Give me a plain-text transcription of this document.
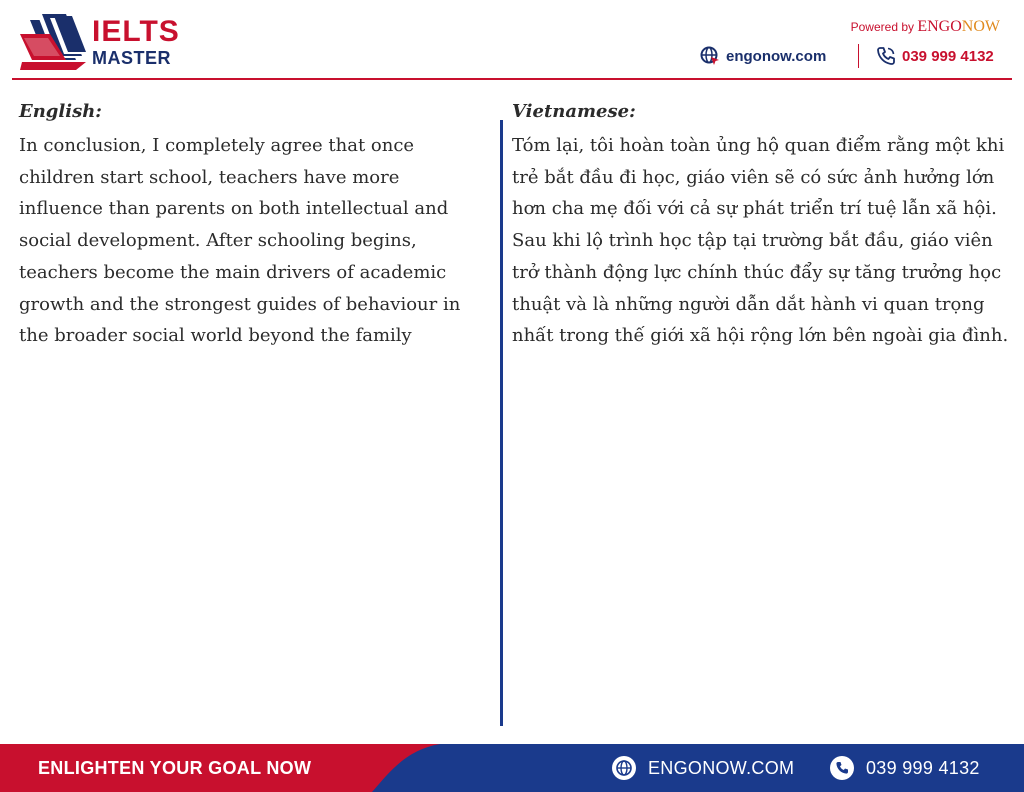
IELTS
MASTER
Powered by ENGONOW
engonow.com	039 999 4132
English:

In conclusion, I completely agree that once children start school, teachers have more influence than parents on both intellectual and social development. After schooling begins, teachers become the main drivers of academic growth and the strongest guides of behaviour in the broader social world beyond the family

Vietnamese:

Tóm lại, tôi hoàn toàn ủng hộ quan điểm rằng một khi trẻ bắt đầu đi học, giáo viên sẽ có sức ảnh hưởng lớn hơn cha mẹ đối với cả sự phát triển trí tuệ lẫn xã hội. Sau khi lộ trình học tập tại trường bắt đầu, giáo viên trở thành động lực chính thúc đẩy sự tăng trưởng học thuật và là những người dẫn dắt hành vi quan trọng nhất trong thế giới xã hội rộng lớn bên ngoài gia đình.

ENLIGHTEN YOUR GOAL NOW	ENGONOW.COM	039 999 4132
